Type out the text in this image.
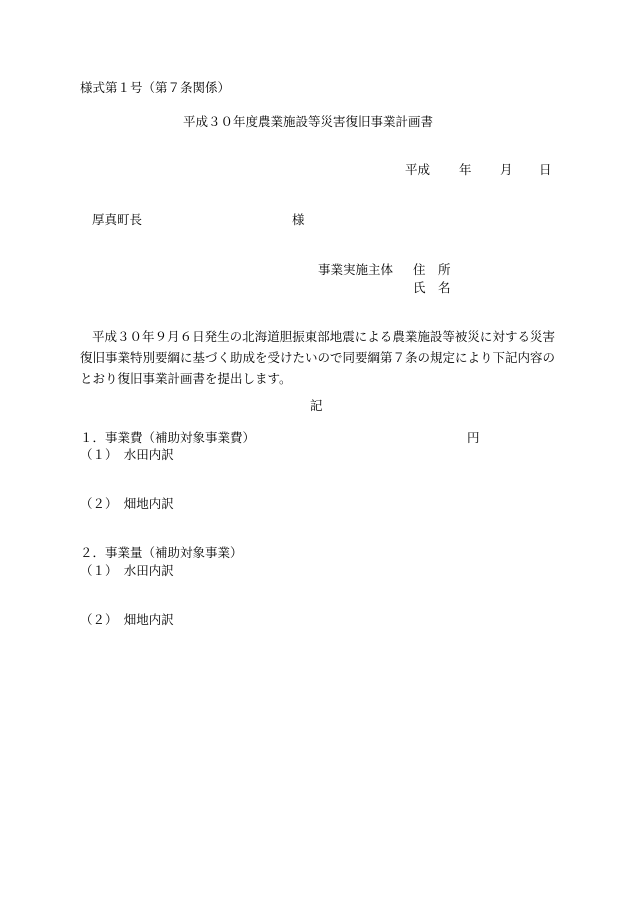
様式第１号（第７条関係）
平成３０年度農業施設等災害復旧事業計画書
平成 年 月 日
厚真町長	様
事業実施主体 住　所
氏　名
平成３０年９月６日発生の北海道胆振東部地震による農業施設等被災に対する災害復旧事業特別要綱に基づく助成を受けたいので同要綱第７条の規定により下記内容のとおり復旧事業計画書を提出します。
記
１．事業費（補助対象事業費）	円
（１）　水田内訳
（２）　畑地内訳
２．事業量（補助対象事業）
（１）　水田内訳
（２）　畑地内訳
